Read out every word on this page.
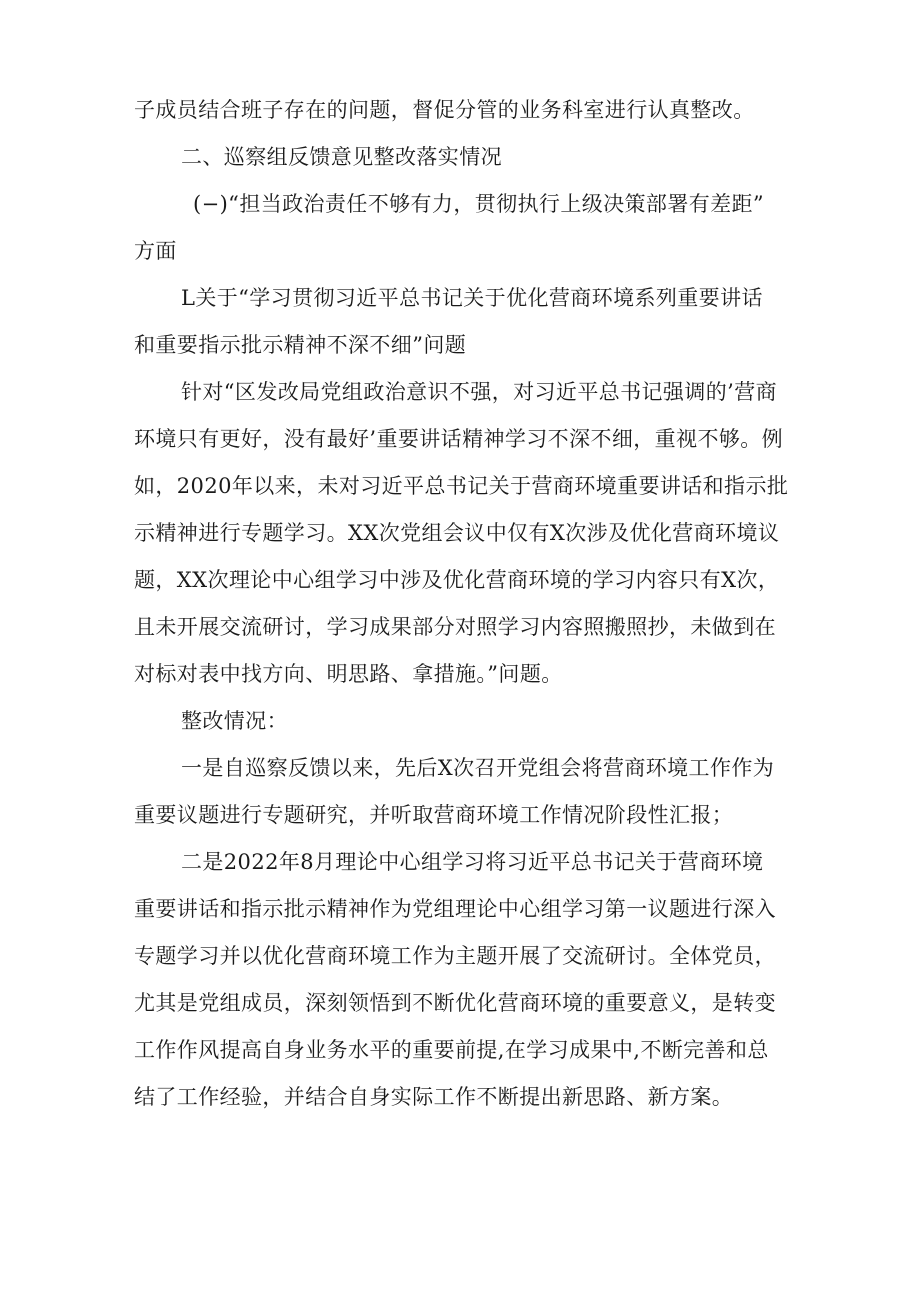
子成员结合班子存在的问题，督促分管的业务科室进行认真整改。
二、巡察组反馈意见整改落实情况
(−)“担当政治责任不够有力，贯彻执行上级决策部署有差距”
方面
L关于“学习贯彻习近平总书记关于优化营商环境系列重要讲话
和重要指示批示精神不深不细”问题
针对“区发改局党组政治意识不强，对习近平总书记强调的’营商
环境只有更好，没有最好’重要讲话精神学习不深不细，重视不够。例
如，2020年以来，未对习近平总书记关于营商环境重要讲话和指示批
示精神进行专题学习。XX次党组会议中仅有X次涉及优化营商环境议
题，XX次理论中心组学习中涉及优化营商环境的学习内容只有X次，
且未开展交流研讨，学习成果部分对照学习内容照搬照抄，未做到在
对标对表中找方向、明思路、拿措施。”问题。
整改情况：
一是自巡察反馈以来，先后X次召开党组会将营商环境工作作为
重要议题进行专题研究，并听取营商环境工作情况阶段性汇报；
二是2022年8月理论中心组学习将习近平总书记关于营商环境
重要讲话和指示批示精神作为党组理论中心组学习第一议题进行深入
专题学习并以优化营商环境工作为主题开展了交流研讨。全体党员，
尤其是党组成员，深刻领悟到不断优化营商环境的重要意义，是转变
工作作风提高自身业务水平的重要前提,在学习成果中,不断完善和总
结了工作经验，并结合自身实际工作不断提出新思路、新方案。
